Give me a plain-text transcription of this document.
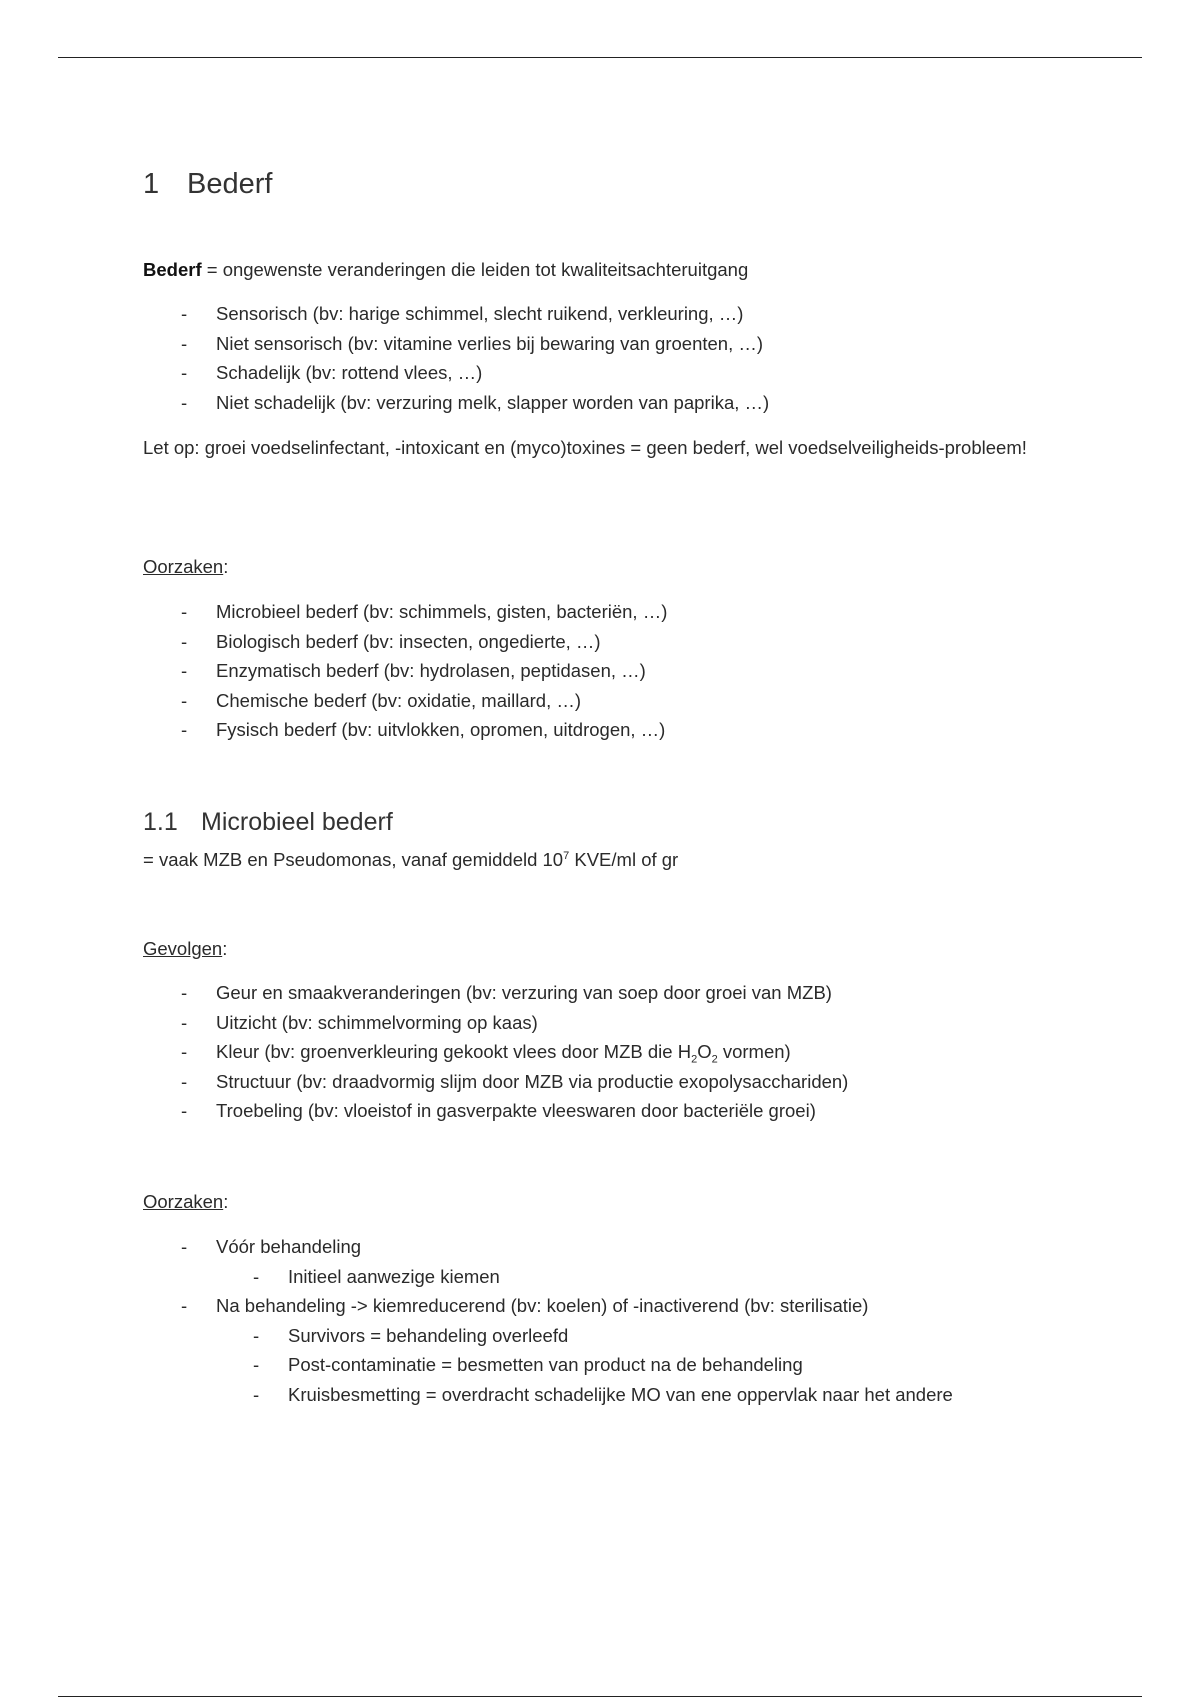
1 Bederf
Bederf = ongewenste veranderingen die leiden tot kwaliteitsachteruitgang
- Sensorisch (bv: harige schimmel, slecht ruikend, verkleuring, …)
- Niet sensorisch (bv: vitamine verlies bij bewaring van groenten, …)
- Schadelijk (bv: rottend vlees, …)
- Niet schadelijk (bv: verzuring melk, slapper worden van paprika, …)
Let op: groei voedselinfectant, -intoxicant en (myco)toxines = geen bederf, wel voedselveiligheids-probleem!
Oorzaken:
- Microbieel bederf (bv: schimmels, gisten, bacteriën, …)
- Biologisch bederf (bv: insecten, ongedierte, …)
- Enzymatisch bederf (bv: hydrolasen, peptidasen, …)
- Chemische bederf (bv: oxidatie, maillard, …)
- Fysisch bederf (bv: uitvlokken, opromen, uitdrogen, …)
1.1 Microbieel bederf
= vaak MZB en Pseudomonas, vanaf gemiddeld $10^7$ KVE/ml of gr
Gevolgen:
- Geur en smaakveranderingen (bv: verzuring van soep door groei van MZB)
- Uitzicht (bv: schimmelvorming op kaas)
- Kleur (bv: groenverkleuring gekookt vlees door MZB die $H_2O_2$ vormen)
- Structuur (bv: draadvormig slijm door MZB via productie exopolysacchariden)
- Troebeling (bv: vloeistof in gasverpakte vleeswaren door bacteriële groei)
Oorzaken:
- Vóór behandeling
- Initieel aanwezige kiemen
- Na behandeling -> kiemreducerend (bv: koelen) of -inactiverend (bv: sterilisatie)
- Survivors = behandeling overleefd
- Post-contaminatie = besmetten van product na de behandeling
- Kruisbesmetting = overdracht schadelijke MO van ene oppervlak naar het andere
